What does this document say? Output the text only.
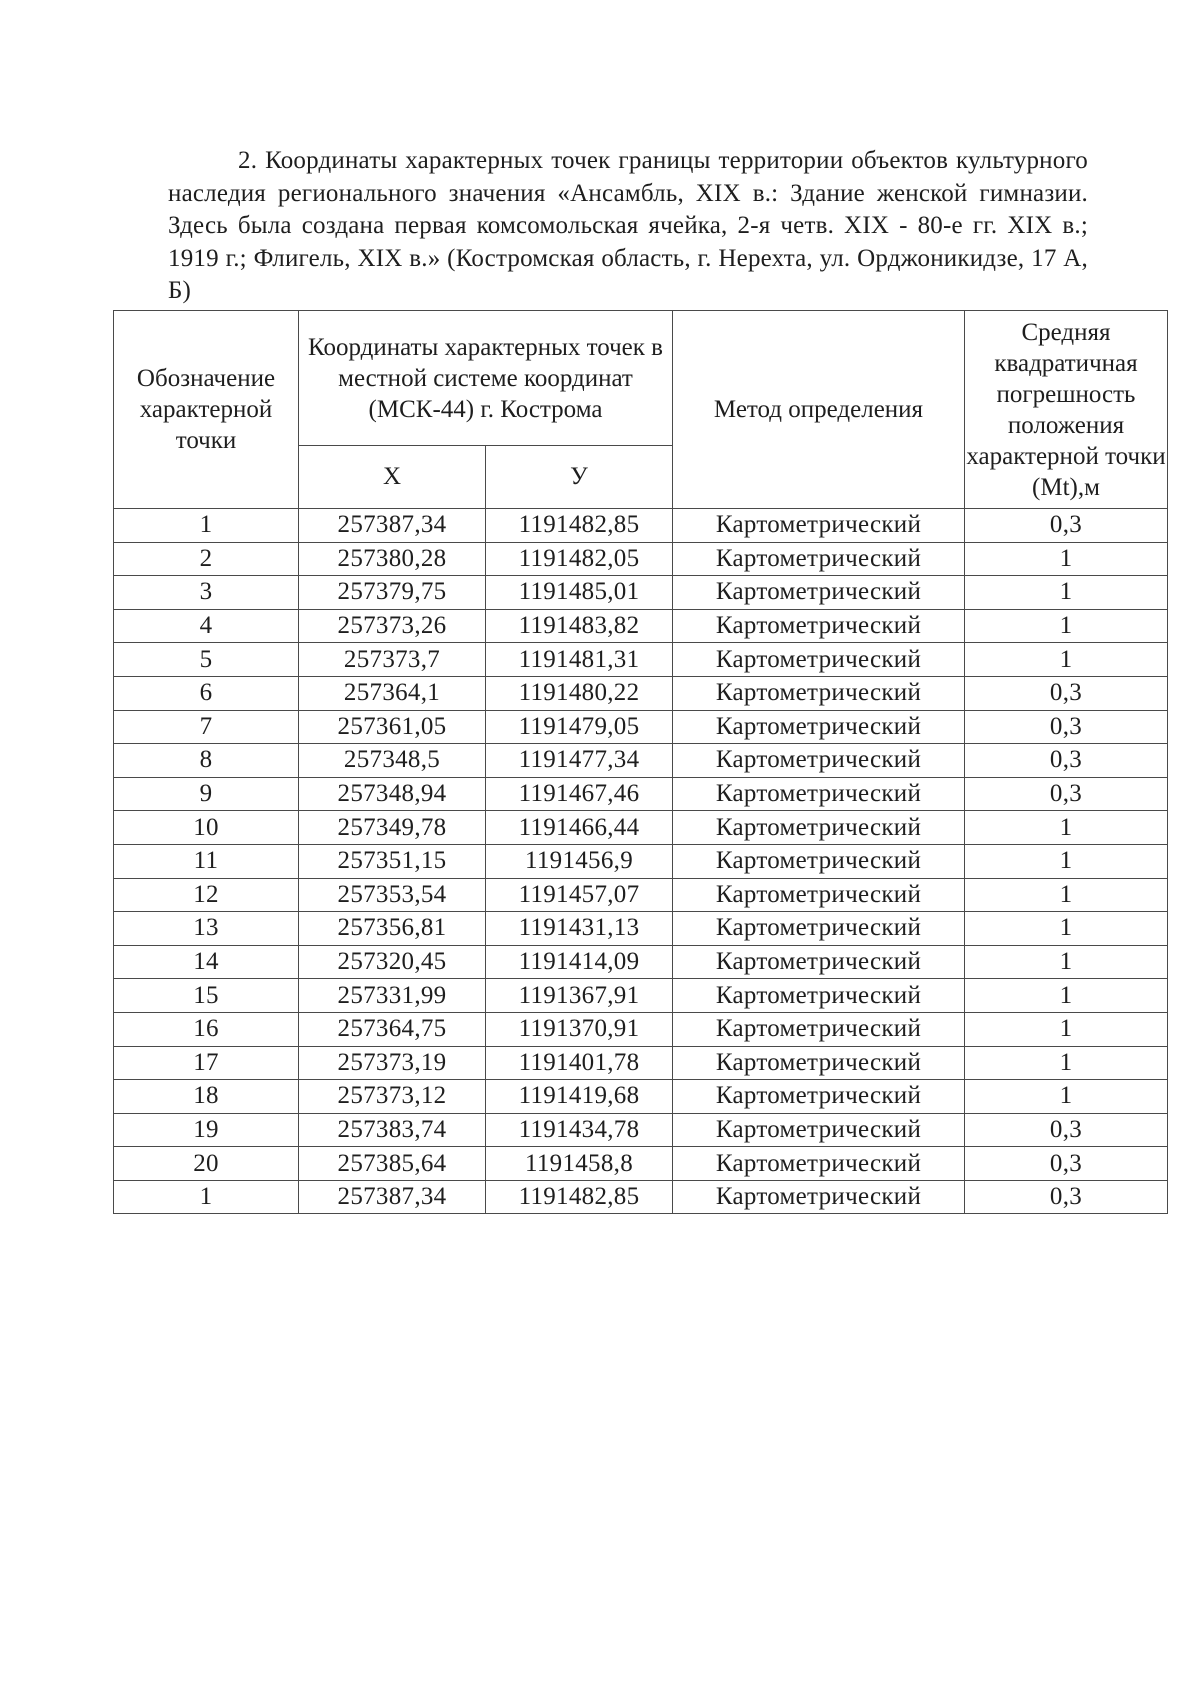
2. Координаты характерных точек границы территории объектов культурного наследия регионального значения «Ансамбль, XIX в.: Здание женской гимназии. Здесь была создана первая комсомольская ячейка, 2-я четв. XIX - 80-е гг. XIX в.; 1919 г.; Флигель, XIX в.» (Костромская область, г. Нерехта, ул. Орджоникидзе, 17 А, Б)

Обозначение характерной точки	Координаты характерных точек в местной системе координат (МСК-44) г. Кострома		Метод определения	Средняя квадратичная погрешность положения характерной точки (Mt),м
	X	У		
1	257387,34	1191482,85	Картометрический	0,3
2	257380,28	1191482,05	Картометрический	1
3	257379,75	1191485,01	Картометрический	1
4	257373,26	1191483,82	Картометрический	1
5	257373,7	1191481,31	Картометрический	1
6	257364,1	1191480,22	Картометрический	0,3
7	257361,05	1191479,05	Картометрический	0,3
8	257348,5	1191477,34	Картометрический	0,3
9	257348,94	1191467,46	Картометрический	0,3
10	257349,78	1191466,44	Картометрический	1
11	257351,15	1191456,9	Картометрический	1
12	257353,54	1191457,07	Картометрический	1
13	257356,81	1191431,13	Картометрический	1
14	257320,45	1191414,09	Картометрический	1
15	257331,99	1191367,91	Картометрический	1
16	257364,75	1191370,91	Картометрический	1
17	257373,19	1191401,78	Картометрический	1
18	257373,12	1191419,68	Картометрический	1
19	257383,74	1191434,78	Картометрический	0,3
20	257385,64	1191458,8	Картометрический	0,3
1	257387,34	1191482,85	Картометрический	0,3
